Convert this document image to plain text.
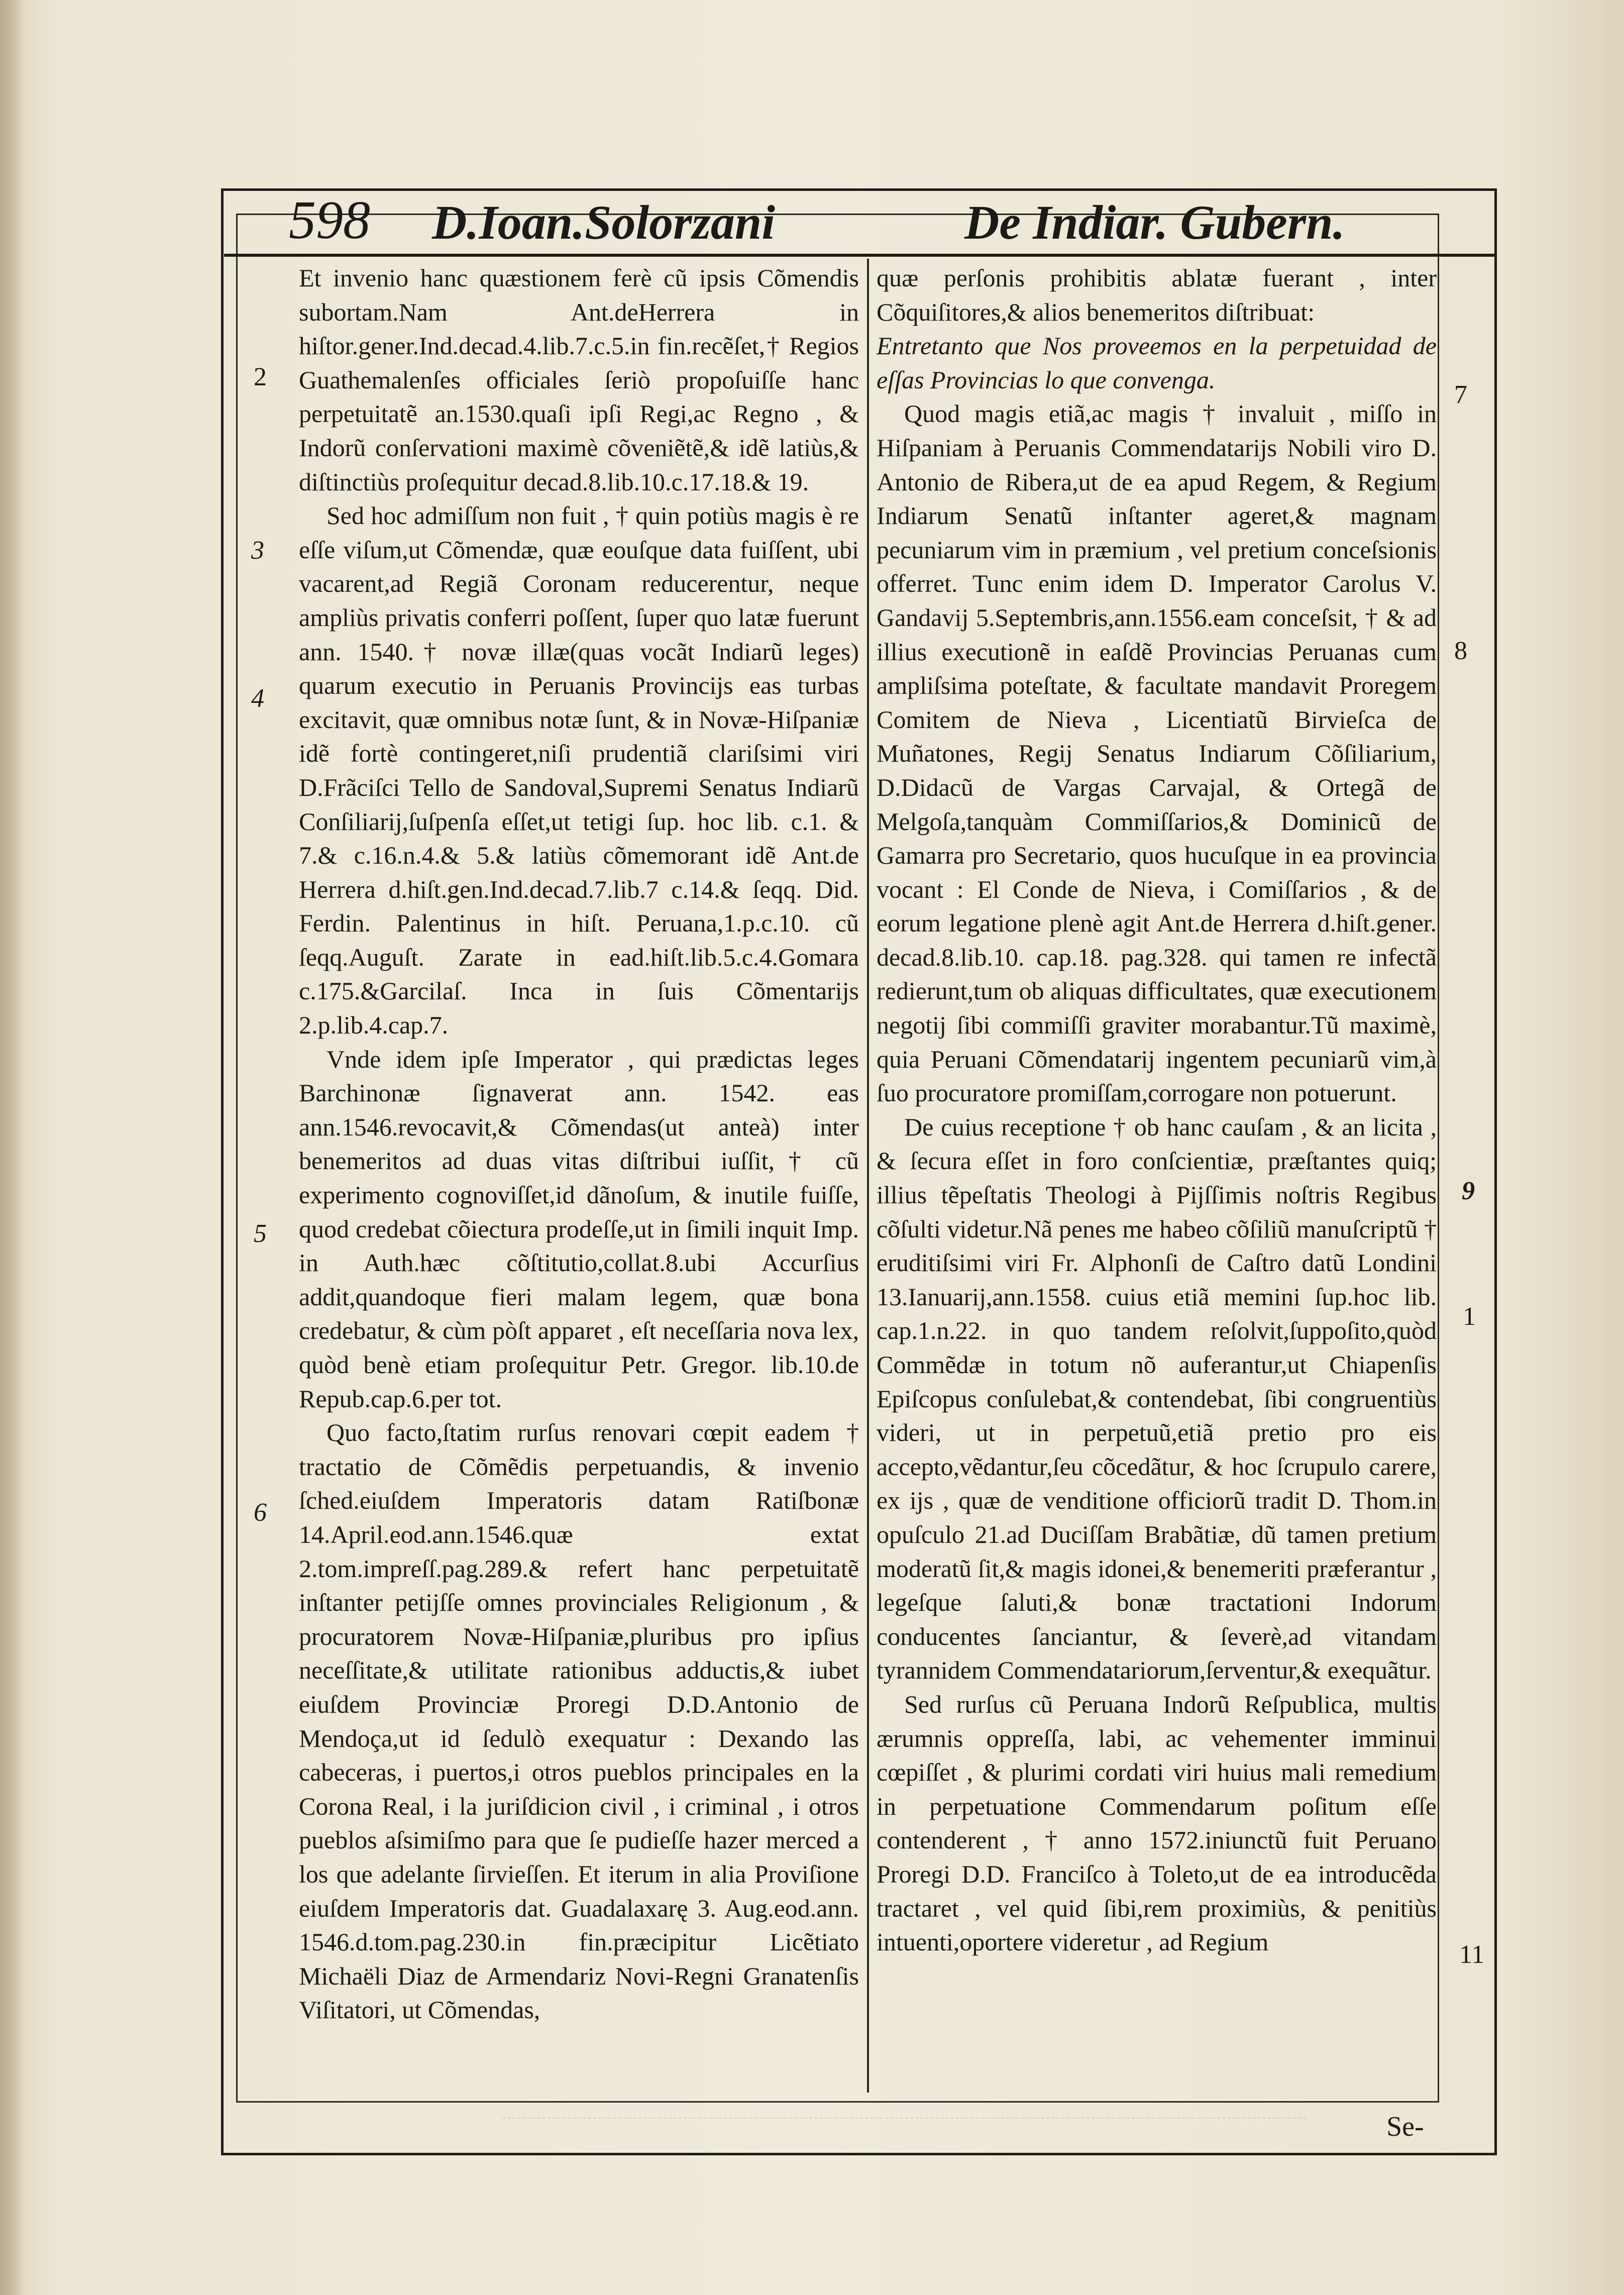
598 D.Ioan.Solorzani	De Indiar. Gubern.

Et invenio hanc quæstionem ferè cũ ipsis Cõmendis subortam.Nam Ant.deHerrera in hiſtor.gener.Ind.decad.4.lib.7.c.5.in fin.recẽſet,† Regios Guathemalenſes officiales ſeriò propoſuiſſe hanc perpetuitatẽ an.1530.quaſi ipſi Regi,ac Regno , & Indorũ conſervationi maximè cõveniẽtẽ,& idẽ latiùs,& diſtinctiùs proſequitur decad.8.lib.10.c.17.18.& 19.

Sed hoc admiſſum non fuit , † quin potiùs magis è re eſſe viſum,ut Cõmendæ, quæ eouſque data fuiſſent, ubi vacarent,ad Regiã Coronam reducerentur, neque ampliùs privatis conferri poſſent, ſuper quo latæ fuerunt ann. 1540.† novæ illæ(quas vocãt Indiarũ leges) quarum executio in Peruanis Provincijs eas turbas excitavit, quæ omnibus notæ ſunt, & in Novæ-Hiſpaniæ idẽ fortè contingeret,niſi prudentiã clariſsimi viri D.Frãciſci Tello de Sandoval,Supremi Senatus Indiarũ Conſiliarij,ſuſpenſa eſſet,ut tetigi ſup. hoc lib. c.1. & 7.& c.16.n.4.& 5.& latiùs cõmemorant idẽ Ant.de Herrera d.hiſt.gen.Ind.decad.7.lib.7 c.14.& ſeqq. Did. Ferdin. Palentinus in hiſt. Peruana,1.p.c.10. cũ ſeqq.Auguſt. Zarate in ead.hiſt.lib.5.c.4.Gomara c.175.&Garcilaſ. Inca in ſuis Cõmentarijs 2.p.lib.4.cap.7.

Vnde idem ipſe Imperator , qui prædictas leges Barchinonæ ſignaverat ann. 1542. eas ann.1546.revocavit,& Cõmendas(ut anteà) inter benemeritos ad duas vitas diſtribui iuſſit,† cũ experimento cognoviſſet,id dãnoſum, & inutile fuiſſe, quod credebat cõiectura prodeſſe,ut in ſimili inquit Imp. in Auth.hæc cõſtitutio,collat.8.ubi Accurſius addit,quandoque fieri malam legem, quæ bona credebatur, & cùm pòſt apparet , eſt neceſſaria nova lex, quòd benè etiam proſequitur Petr. Gregor. lib.10.de Repub.cap.6.per tot.

Quo facto,ſtatim rurſus renovari cœpit eadem † tractatio de Cõmẽdis perpetuandis, & invenio ſched.eiuſdem Imperatoris datam Ratiſbonæ 14.April.eod.ann.1546.quæ extat 2.tom.impreſſ.pag.289.& refert hanc perpetuitatẽ inſtanter petijſſe omnes provinciales Religionum , & procuratorem Novæ-Hiſpaniæ,pluribus pro ipſius neceſſitate,& utilitate rationibus adductis,& iubet eiuſdem Provinciæ Proregi D.D.Antonio de Mendoça,ut id ſedulò exequatur : Dexando las cabeceras, i puertos,i otros pueblos principales en la Corona Real, i la juriſdicion civil , i criminal , i otros pueblos aſsimiſmo para que ſe pudieſſe hazer merced a los que adelante ſirvieſſen. Et iterum in alia Proviſione eiuſdem Imperatoris dat. Guadalaxarę 3. Aug.eod.ann. 1546.d.tom.pag.230.in fin.præcipitur Licẽtiato Michaëli Diaz de Armendariz Novi-Regni Granatenſis Viſitatori, ut Cõmendas,

quæ perſonis prohibitis ablatæ fuerant , inter Cõquiſitores,& alios benemeritos diſtribuat:

Entretanto que Nos proveemos en la perpetuidad de eſſas Provincias lo que convenga.

Quod magis etiã,ac magis † invaluit , miſſo in Hiſpaniam à Peruanis Commendatarijs Nobili viro D. Antonio de Ribera,ut de ea apud Regem, & Regium Indiarum Senatũ inſtanter ageret,& magnam pecuniarum vim in præmium , vel pretium conceſsionis offerret. Tunc enim idem D. Imperator Carolus V. Gandavij 5.Septembris,ann.1556.eam conceſsit, † & ad illius executionẽ in eaſdẽ Provincias Peruanas cum ampliſsima poteſtate, & facultate mandavit Proregem Comitem de Nieva , Licentiatũ Birvieſca de Muñatones, Regij Senatus Indiarum Cõſiliarium, D.Didacũ de Vargas Carvajal, & Ortegã de Melgoſa,tanquàm Commiſſarios,& Dominicũ de Gamarra pro Secretario, quos hucuſque in ea provincia vocant : El Conde de Nieva, i Comiſſarios , & de eorum legatione plenè agit Ant.de Herrera d.hiſt.gener. decad.8.lib.10. cap.18. pag.328. qui tamen re infectã redierunt,tum ob aliquas difficultates, quæ executionem negotij ſibi commiſſi graviter morabantur.Tũ maximè, quia Peruani Cõmendatarij ingentem pecuniarũ vim,à ſuo procuratore promiſſam,corrogare non potuerunt.

De cuius receptione † ob hanc cauſam , & an licita , & ſecura eſſet in foro conſcientiæ, præſtantes quiq; illius tẽpeſtatis Theologi à Pijſſimis noſtris Regibus cõſulti videtur.Nã penes me habeo cõſiliũ manuſcriptũ † eruditiſsimi viri Fr. Alphonſi de Caſtro datũ Londini 13.Ianuarij,ann.1558. cuius etiã memini ſup.hoc lib. cap.1.n.22. in quo tandem reſolvit,ſuppoſito,quòd Commẽdæ in totum nõ auferantur,ut Chiapenſis Epiſcopus conſulebat,& contendebat, ſibi congruentiùs videri, ut in perpetuũ,etiã pretio pro eis accepto,vẽdantur,ſeu cõcedãtur, & hoc ſcrupulo carere, ex ijs , quæ de venditione officiorũ tradit D. Thom.in opuſculo 21.ad Duciſſam Brabãtiæ, dũ tamen pretium moderatũ ſit,& magis idonei,& benemeriti præferantur , legeſque ſaluti,& bonæ tractationi Indorum conducentes ſanciantur, & ſeverè,ad vitandam tyrannidem Commendatariorum,ſerventur,& exequãtur.

Sed rurſus cũ Peruana Indorũ Reſpublica, multis ærumnis oppreſſa, labi, ac vehementer imminui cœpiſſet , & plurimi cordati viri huius mali remedium in perpetuatione Commendarum poſitum eſſe contenderent , † anno 1572.iniunctũ fuit Peruano Proregi D.D. Franciſco à Toleto,ut de ea introducẽda tractaret , vel quid ſibi,rem proximiùs, & penitiùs intuenti,oportere videretur , ad Regium

2
3
4
5
6
7
8
9
1
11
Se-
